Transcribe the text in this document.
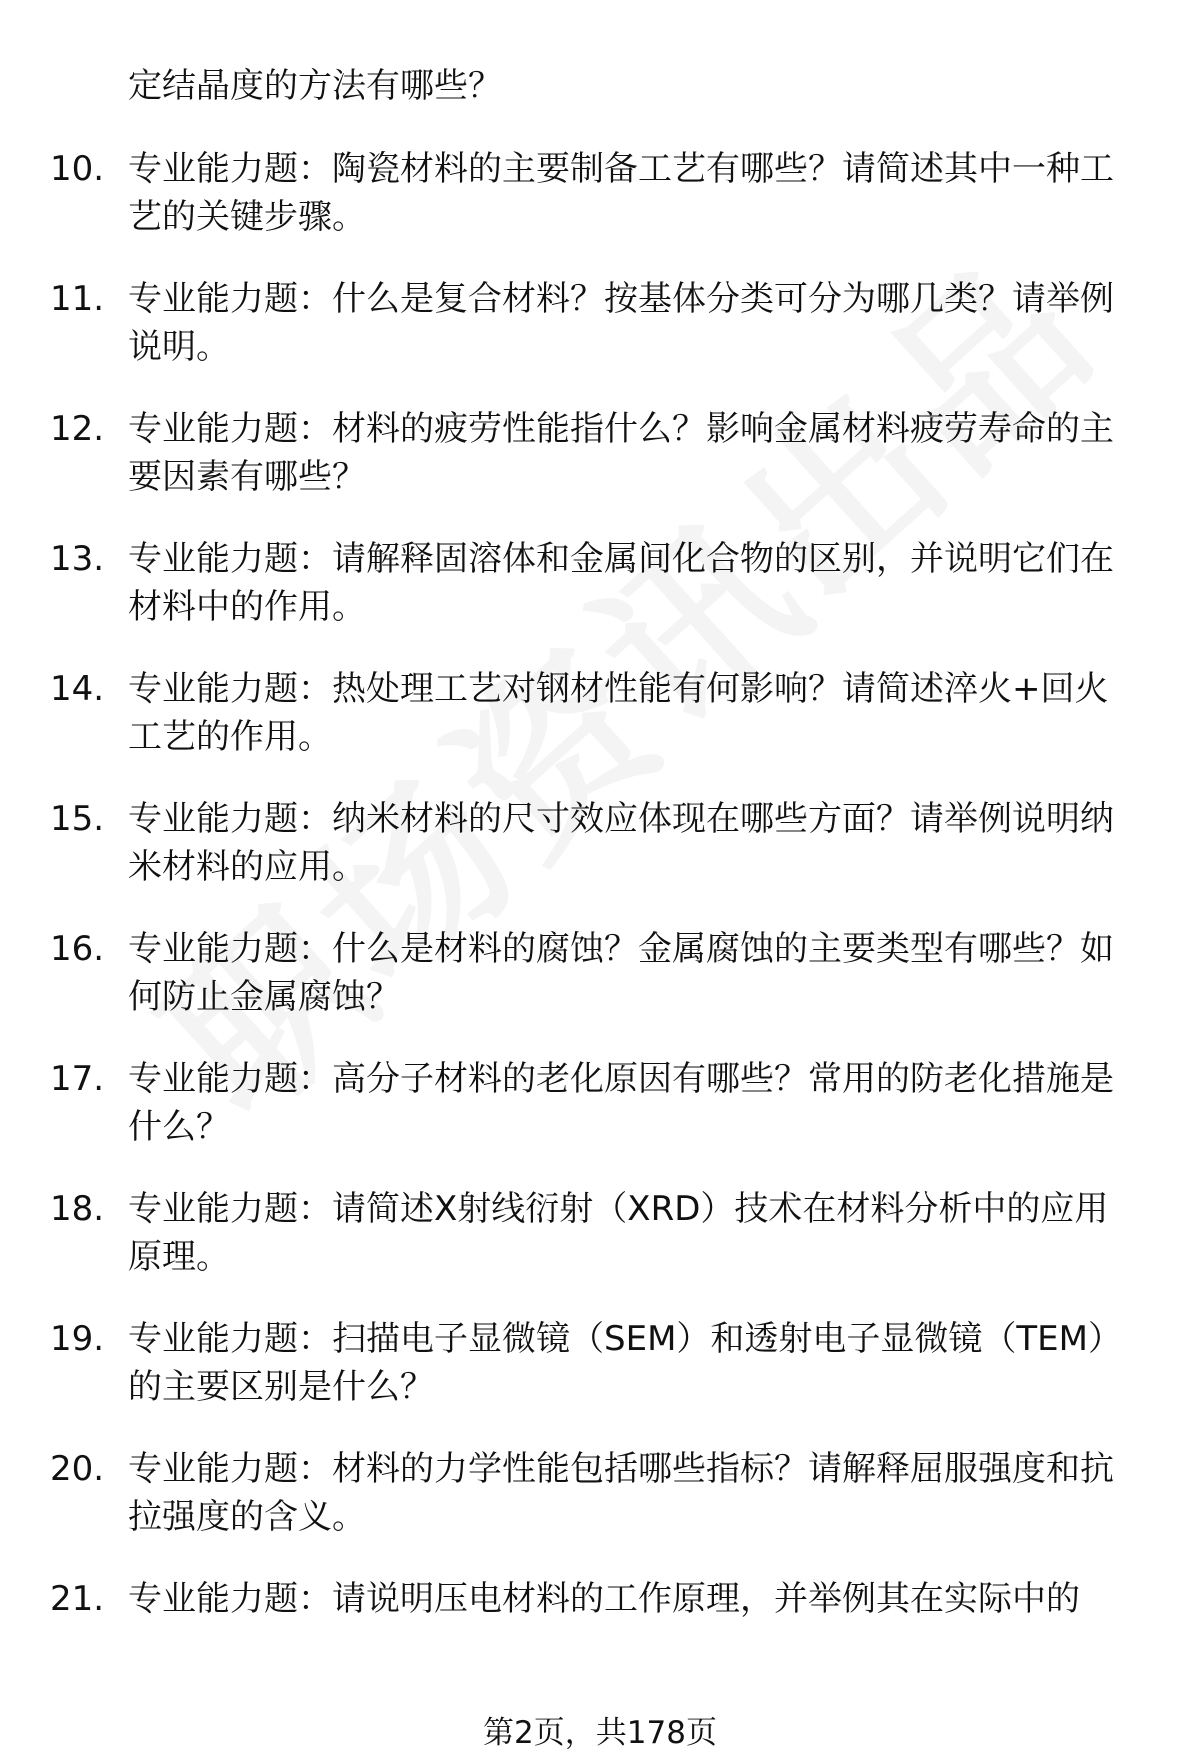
定结晶度的方法有哪些？
10. 专业能力题：陶瓷材料的主要制备工艺有哪些？请简述其中一种工艺的关键步骤。
11. 专业能力题：什么是复合材料？按基体分类可分为哪几类？请举例说明。
12. 专业能力题：材料的疲劳性能指什么？影响金属材料疲劳寿命的主要因素有哪些？
13. 专业能力题：请解释固溶体和金属间化合物的区别，并说明它们在材料中的作用。
14. 专业能力题：热处理工艺对钢材性能有何影响？请简述淬火+回火工艺的作用。
15. 专业能力题：纳米材料的尺寸效应体现在哪些方面？请举例说明纳米材料的应用。
16. 专业能力题：什么是材料的腐蚀？金属腐蚀的主要类型有哪些？如何防止金属腐蚀？
17. 专业能力题：高分子材料的老化原因有哪些？常用的防老化措施是什么？
18. 专业能力题：请简述X射线衍射（XRD）技术在材料分析中的应用原理。
19. 专业能力题：扫描电子显微镜（SEM）和透射电子显微镜（TEM）的主要区别是什么？
20. 专业能力题：材料的力学性能包括哪些指标？请解释屈服强度和抗拉强度的含义。
21. 专业能力题：请说明压电材料的工作原理，并举例其在实际中的
第2页，共178页
